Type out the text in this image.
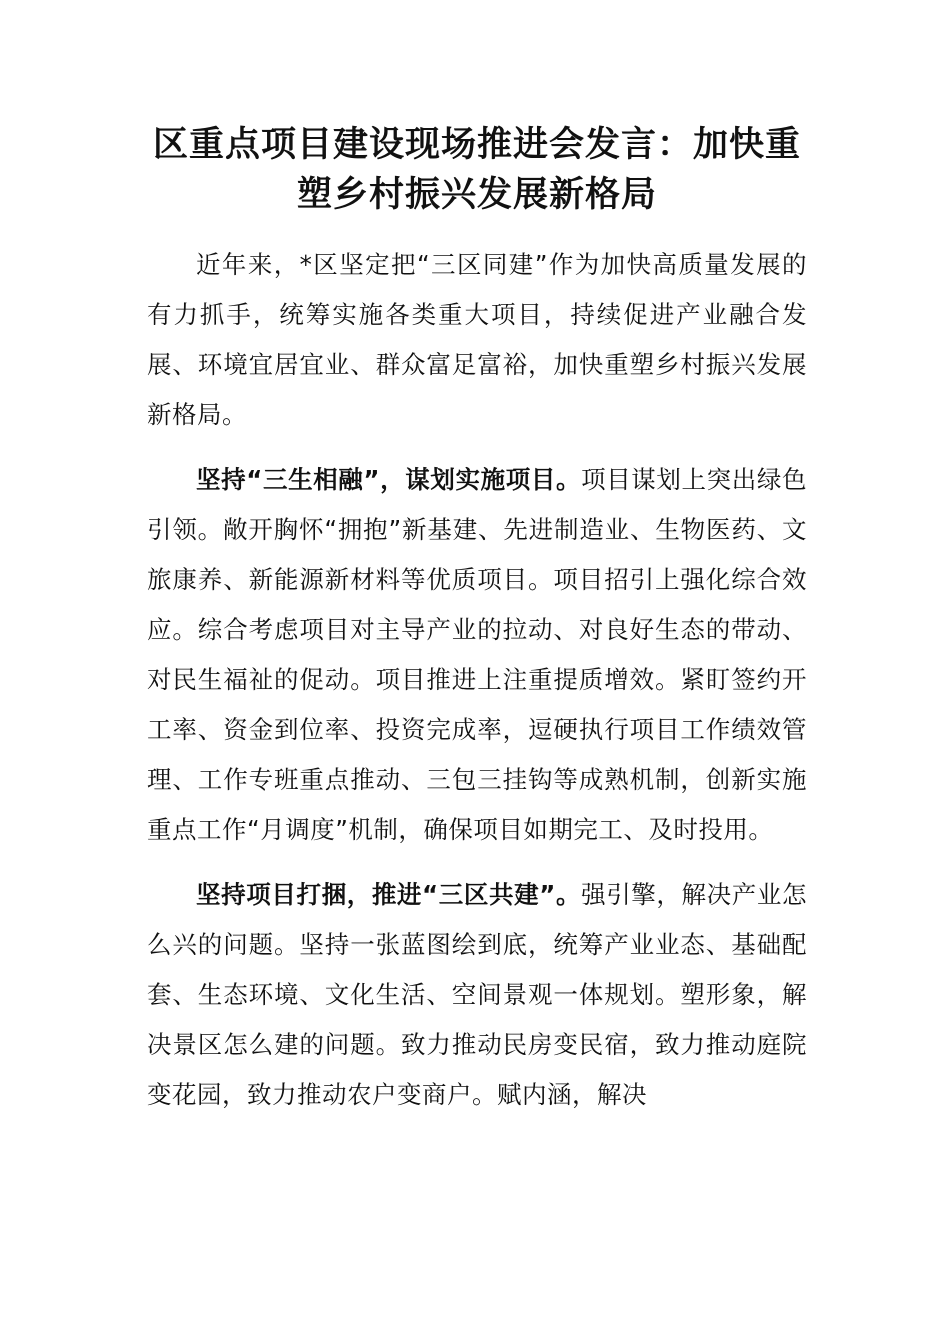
区重点项目建设现场推进会发言：加快重
塑乡村振兴发展新格局

近年来，*区坚定把“三区同建”作为加快高质量发展的有力抓手，统筹实施各类重大项目，持续促进产业融合发展、环境宜居宜业、群众富足富裕，加快重塑乡村振兴发展新格局。

坚持“三生相融”，谋划实施项目。项目谋划上突出绿色引领。敞开胸怀“拥抱”新基建、先进制造业、生物医药、文旅康养、新能源新材料等优质项目。项目招引上强化综合效应。综合考虑项目对主导产业的拉动、对良好生态的带动、对民生福祉的促动。项目推进上注重提质增效。紧盯签约开工率、资金到位率、投资完成率，逗硬执行项目工作绩效管理、工作专班重点推动、三包三挂钩等成熟机制，创新实施重点工作“月调度”机制，确保项目如期完工、及时投用。

坚持项目打捆，推进“三区共建”。强引擎，解决产业怎么兴的问题。坚持一张蓝图绘到底，统筹产业业态、基础配套、生态环境、文化生活、空间景观一体规划。塑形象，解决景区怎么建的问题。致力推动民房变民宿，致力推动庭院变花园，致力推动农户变商户。赋内涵，解决
